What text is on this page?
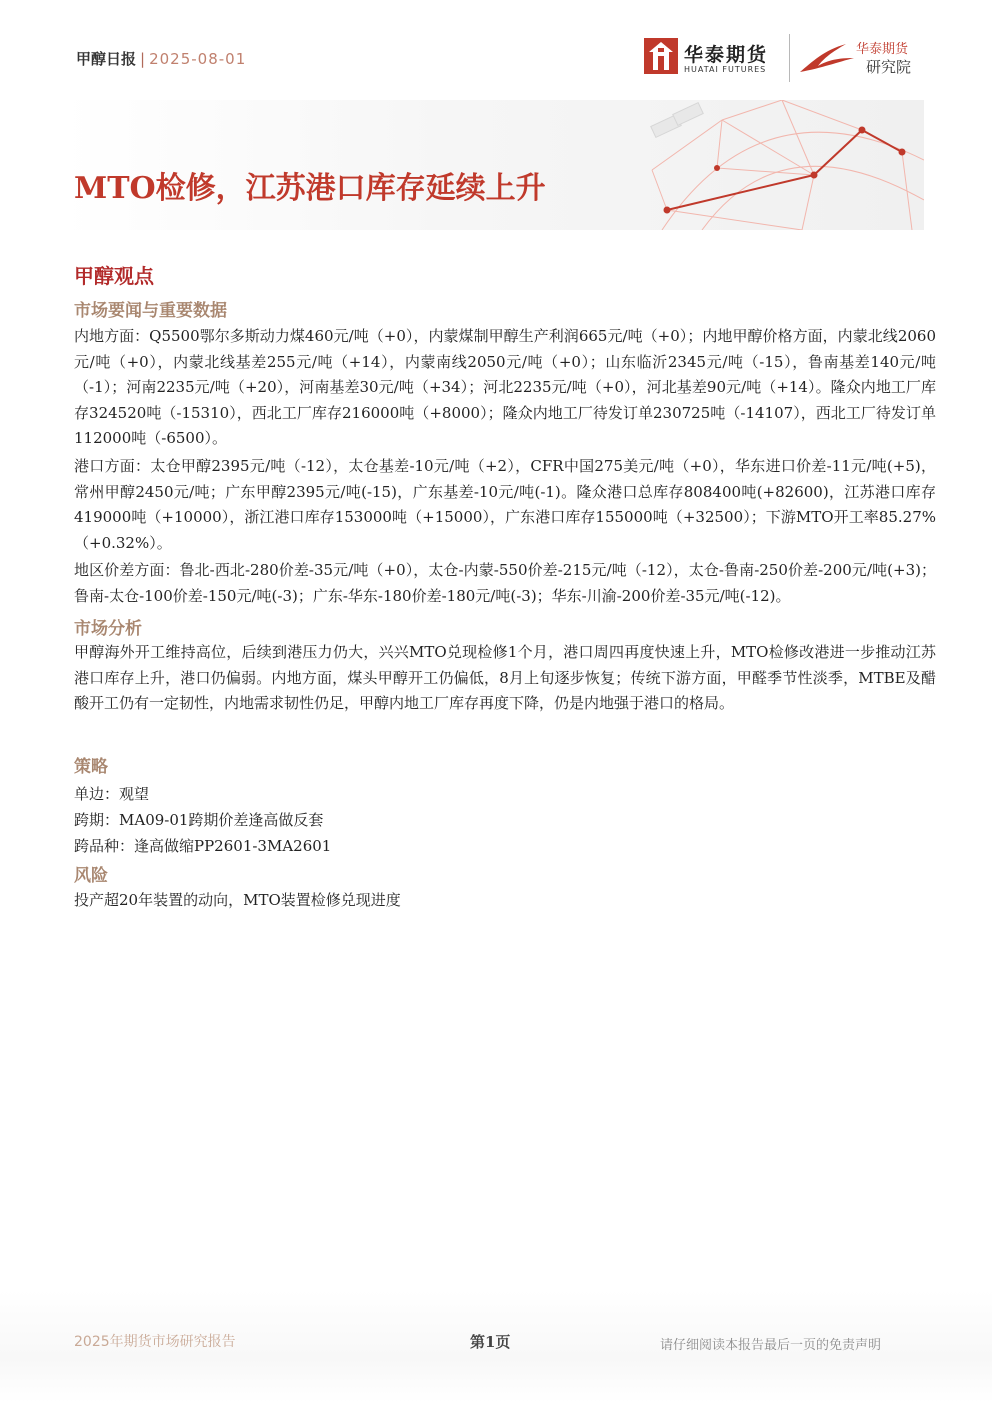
甲醇日报 | 2025-08-01	华泰期货
HUATAI FUTURES
华泰期货
研究院
MTO检修，江苏港口库存延续上升
甲醇观点
市场要闻与重要数据

内地方面：Q5500鄂尔多斯动力煤460元/吨（+0），内蒙煤制甲醇生产利润665元/吨（+0）；内地甲醇价格方面，内蒙北线2060元/吨（+0），内蒙北线基差255元/吨（+14），内蒙南线2050元/吨（+0）；山东临沂2345元/吨（-15），鲁南基差140元/吨（-1）；河南2235元/吨（+20），河南基差30元/吨（+34）；河北2235元/吨（+0），河北基差90元/吨（+14）。隆众内地工厂库存324520吨（-15310），西北工厂库存216000吨（+8000）；隆众内地工厂待发订单230725吨（-14107），西北工厂待发订单112000吨（-6500）。

港口方面：太仓甲醇2395元/吨（-12），太仓基差-10元/吨（+2），CFR中国275美元/吨（+0），华东进口价差-11元/吨(+5)，常州甲醇2450元/吨；广东甲醇2395元/吨(-15)，广东基差-10元/吨(-1)。隆众港口总库存808400吨(+82600)，江苏港口库存419000吨（+10000），浙江港口库存153000吨（+15000），广东港口库存155000吨（+32500）；下游MTO开工率85.27%（+0.32%）。

地区价差方面：鲁北-西北-280价差-35元/吨（+0），太仓-内蒙-550价差-215元/吨（-12），太仓-鲁南-250价差-200元/吨(+3)；鲁南-太仓-100价差-150元/吨(-3)；广东-华东-180价差-180元/吨(-3)；华东-川渝-200价差-35元/吨(-12)。

市场分析

甲醇海外开工维持高位，后续到港压力仍大，兴兴MTO兑现检修1个月，港口周四再度快速上升，MTO检修改港进一步推动江苏港口库存上升，港口仍偏弱。内地方面，煤头甲醇开工仍偏低，8月上旬逐步恢复；传统下游方面，甲醛季节性淡季，MTBE及醋酸开工仍有一定韧性，内地需求韧性仍足，甲醇内地工厂库存再度下降，仍是内地强于港口的格局。

策略
单边：观望
跨期：MA09-01跨期价差逢高做反套
跨品种：逢高做缩PP2601-3MA2601
风险
投产超20年装置的动向，MTO装置检修兑现进度
2025年期货市场研究报告	第1页	请仔细阅读本报告最后一页的免责声明
